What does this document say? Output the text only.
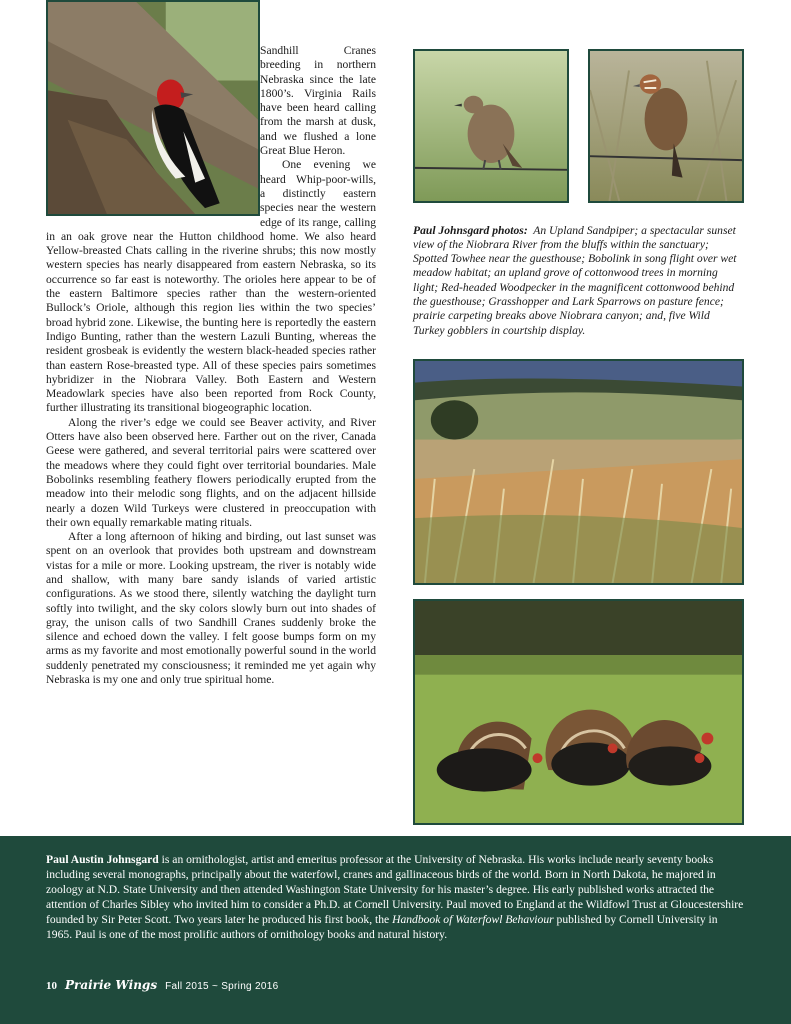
Sandhill Cranes breeding in northern Nebraska since the late 1800’s. Virginia Rails have been heard calling from the marsh at dusk, and we flushed a lone Great Blue Heron.

One evening we heard Whip-poor-wills, a distinctly eastern species near the western edge of its range, calling in an oak grove near the Hutton childhood home. We also heard Yellow-breasted Chats calling in the riverine shrubs; this now mostly western species has nearly disappeared from eastern Nebraska, so its occurrence so far east is noteworthy. The orioles here appear to be of the eastern Baltimore species rather than the western-oriented Bullock’s Oriole, although this region lies within the two species’ broad hybrid zone. Likewise, the bunting here is reportedly the eastern Indigo Bunting, rather than the western Lazuli Bunting, whereas the resident grosbeak is evidently the western black-headed species rather than eastern Rose-breasted type. All of these species pairs sometimes hybridizer in the Niobrara Valley. Both Eastern and Western Meadowlark species have also been reported from Rock County, further illustrating its transitional biogeographic location.

Along the river’s edge we could see Beaver activity, and River Otters have also been observed here. Farther out on the river, Canada Geese were gathered, and several territorial pairs were scattered over the meadows where they could fight over territorial boundaries. Male Bobolinks resembling feathery flowers periodically erupted from the meadow into their melodic song flights, and on the adjacent hillside nearly a dozen Wild Turkeys were clustered in preoccupation with their own equally remarkable mating rituals.

After a long afternoon of hiking and birding, out last sunset was spent on an overlook that provides both upstream and downstream vistas for a mile or more. Looking upstream, the river is notably wide and shallow, with many bare sandy islands of varied artistic configurations. As we stood there, silently watching the daylight turn softly into twilight, and the sky colors slowly burn out into shades of gray, the unison calls of two Sandhill Cranes suddenly broke the silence and echoed down the valley. I felt goose bumps form on my arms as my favorite and most emotionally powerful sound in the world suddenly penetrated my consciousness; it reminded me yet again why Nebraska is my one and only true spiritual home.

Paul Johnsgard photos: An Upland Sandpiper; a spectacular sunset view of the Niobrara River from the bluffs within the sanctuary; Spotted Towhee near the guesthouse; Bobolink in song flight over wet meadow habitat; an upland grove of cottonwood trees in morning light; Red-headed Woodpecker in the magnificent cottonwood behind the guesthouse; Grasshopper and Lark Sparrows on pasture fence; prairie carpeting breaks above Niobrara canyon; and, five Wild Turkey gobblers in courtship display.

Paul Austin Johnsgard is an ornithologist, artist and emeritus professor at the University of Nebraska. His works include nearly seventy books including several monographs, principally about the waterfowl, cranes and gallinaceous birds of the world. Born in North Dakota, he majored in zoology at N.D. State University and then attended Washington State University for his master’s degree. His early published works attracted the attention of Charles Sibley who invited him to consider a Ph.D. at Cornell University. Paul moved to England at the Wildfowl Trust at Gloucestershire founded by Sir Peter Scott. Two years later he produced his first book, the Handbook of Waterfowl Behaviour published by Cornell University in 1965. Paul is one of the most prolific authors of ornithology books and natural history.

10 Prairie Wings Fall 2015 ~ Spring 2016
